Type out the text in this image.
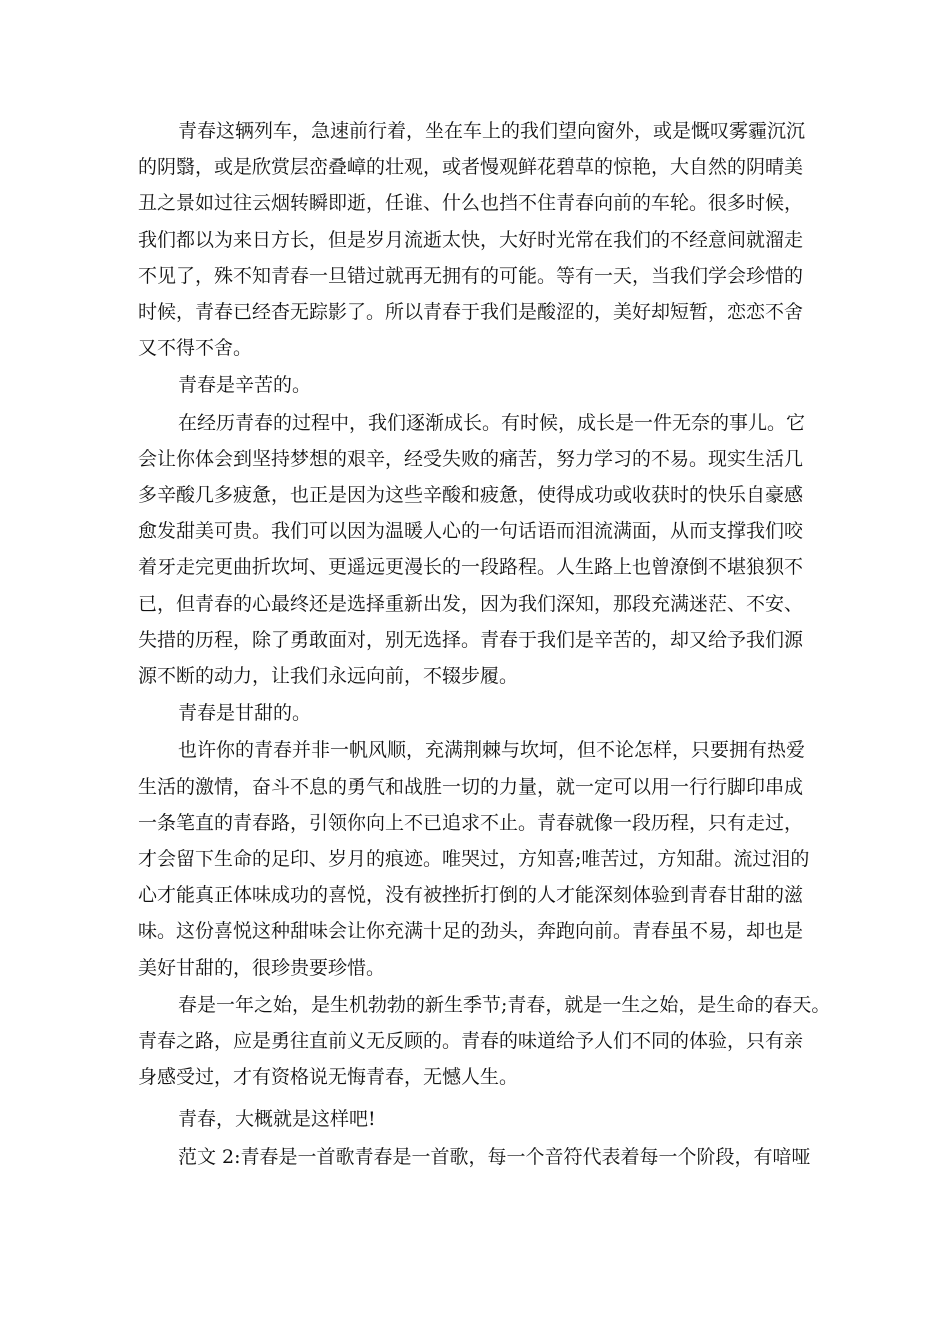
青春这辆列车，急速前行着，坐在车上的我们望向窗外，或是慨叹雾霾沉沉
的阴翳，或是欣赏层峦叠嶂的壮观，或者慢观鲜花碧草的惊艳，大自然的阴晴美
丑之景如过往云烟转瞬即逝，任谁、什么也挡不住青春向前的车轮。很多时候，
我们都以为来日方长，但是岁月流逝太快，大好时光常在我们的不经意间就溜走
不见了，殊不知青春一旦错过就再无拥有的可能。等有一天，当我们学会珍惜的
时候，青春已经杳无踪影了。所以青春于我们是酸涩的，美好却短暂，恋恋不舍
又不得不舍。

青春是辛苦的。

在经历青春的过程中，我们逐渐成长。有时候，成长是一件无奈的事儿。它
会让你体会到坚持梦想的艰辛，经受失败的痛苦，努力学习的不易。现实生活几
多辛酸几多疲惫，也正是因为这些辛酸和疲惫，使得成功或收获时的快乐自豪感
愈发甜美可贵。我们可以因为温暖人心的一句话语而泪流满面，从而支撑我们咬
着牙走完更曲折坎坷、更遥远更漫长的一段路程。人生路上也曾潦倒不堪狼狈不
已，但青春的心最终还是选择重新出发，因为我们深知，那段充满迷茫、不安、
失措的历程，除了勇敢面对，别无选择。青春于我们是辛苦的，却又给予我们源
源不断的动力，让我们永远向前，不辍步履。

青春是甘甜的。

也许你的青春并非一帆风顺，充满荆棘与坎坷，但不论怎样，只要拥有热爱
生活的激情，奋斗不息的勇气和战胜一切的力量，就一定可以用一行行脚印串成
一条笔直的青春路，引领你向上不已追求不止。青春就像一段历程，只有走过，
才会留下生命的足印、岁月的痕迹。唯哭过，方知喜;唯苦过，方知甜。流过泪的
心才能真正体味成功的喜悦，没有被挫折打倒的人才能深刻体验到青春甘甜的滋
味。这份喜悦这种甜味会让你充满十足的劲头，奔跑向前。青春虽不易，却也是
美好甘甜的，很珍贵要珍惜。

春是一年之始，是生机勃勃的新生季节;青春，就是一生之始，是生命的春天。
青春之路，应是勇往直前义无反顾的。青春的味道给予人们不同的体验，只有亲
身感受过，才有资格说无悔青春，无憾人生。

青春，大概就是这样吧!

范文 2:青春是一首歌青春是一首歌，每一个音符代表着每一个阶段，有喑哑
